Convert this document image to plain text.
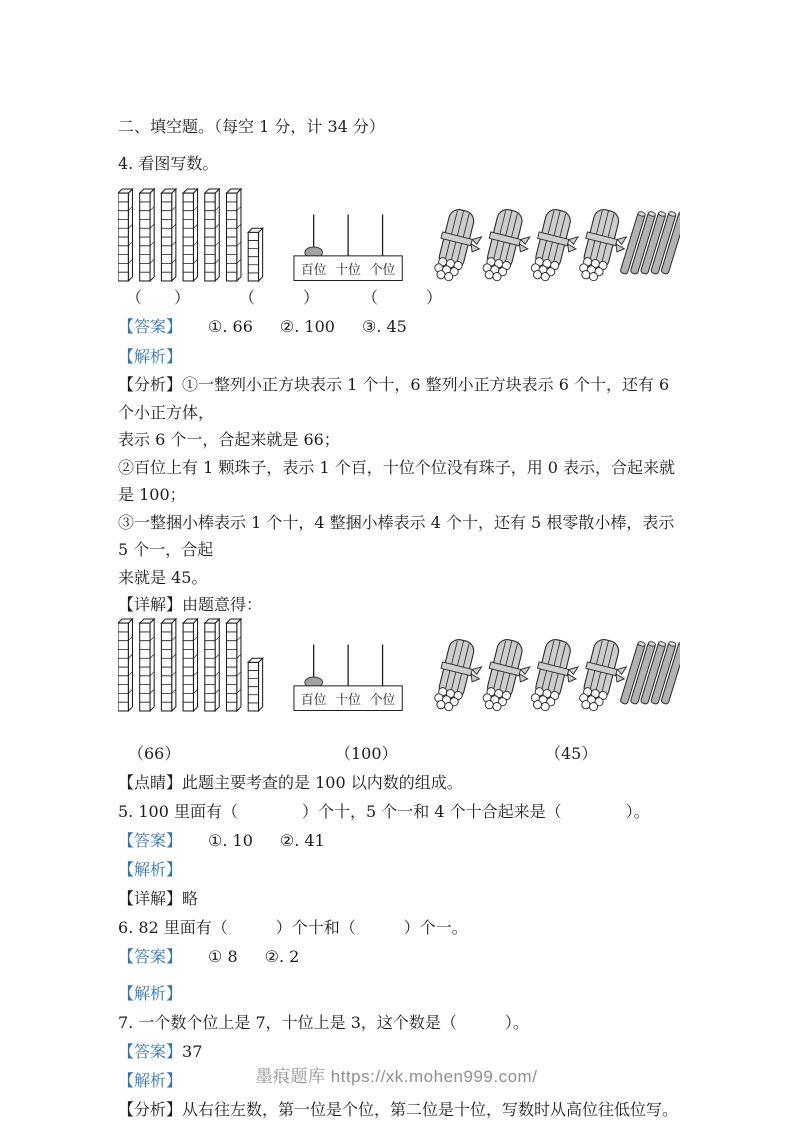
二、填空题。（每空 1 分，计 34 分）
4. 看图写数。
百位 十位 个位
（　　）	（　　　）	（　　　）
【答案】 ①. 66 ②. 100 ③. 45
【解析】
【分析】①一整列小正方块表示 1 个十，6 整列小正方块表示 6 个十，还有 6 个小正方体，
表示 6 个一，合起来就是 66；
②百位上有 1 颗珠子，表示 1 个百，十位个位没有珠子，用 0 表示，合起来就是 100；
③一整捆小棒表示 1 个十，4 整捆小棒表示 4 个十，还有 5 根零散小棒，表示 5 个一，合起
来就是 45。
【详解】由题意得：
百位 十位 个位
（66）	（100）	（45）
【点睛】此题主要考查的是 100 以内数的组成。
5. 100 里面有（　　　　）个十，5 个一和 4 个十合起来是（　　　　）。
【答案】 ①. 10 ②. 41
【解析】
【详解】略
6. 82 里面有（　　　）个十和（　　　）个一。
【答案】 ① 8 ②. 2
【解析】
7. 一个数个位上是 7，十位上是 3，这个数是（　　　）。
【答案】 37
【解析】
【分析】从右往左数，第一位是个位，第二位是十位，写数时从高位往低位写。
墨痕题库 https://xk.mohen999.com/
